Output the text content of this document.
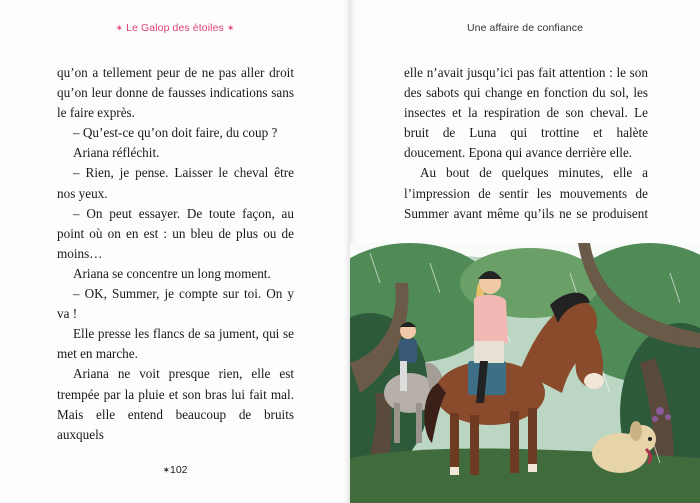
✶ Le Galop des étoiles ✶

qu’on a tellement peur de ne pas aller droit qu’on leur donne de fausses indications sans le faire exprès.

– Qu’est-ce qu’on doit faire, du coup ?

Ariana réfléchit.

– Rien, je pense. Laisser le cheval être nos yeux.

– On peut essayer. De toute façon, au point où on en est : un bleu de plus ou de moins…

Ariana se concentre un long moment.

– OK, Summer, je compte sur toi. On y va !

Elle presse les flancs de sa jument, qui se met en marche.

Ariana ne voit presque rien, elle est trempée par la pluie et son bras lui fait mal. Mais elle entend beaucoup de bruits auxquels

✶102
Une affaire de confiance

elle n’avait jusqu’ici pas fait attention : le son des sabots qui change en fonction du sol, les insectes et la respiration de son cheval. Le bruit de Luna qui trottine et halète doucement. Epona qui avance derrière elle.

Au bout de quelques minutes, elle a l’impression de sentir les mouvements de Summer avant même qu’ils ne se produisent
